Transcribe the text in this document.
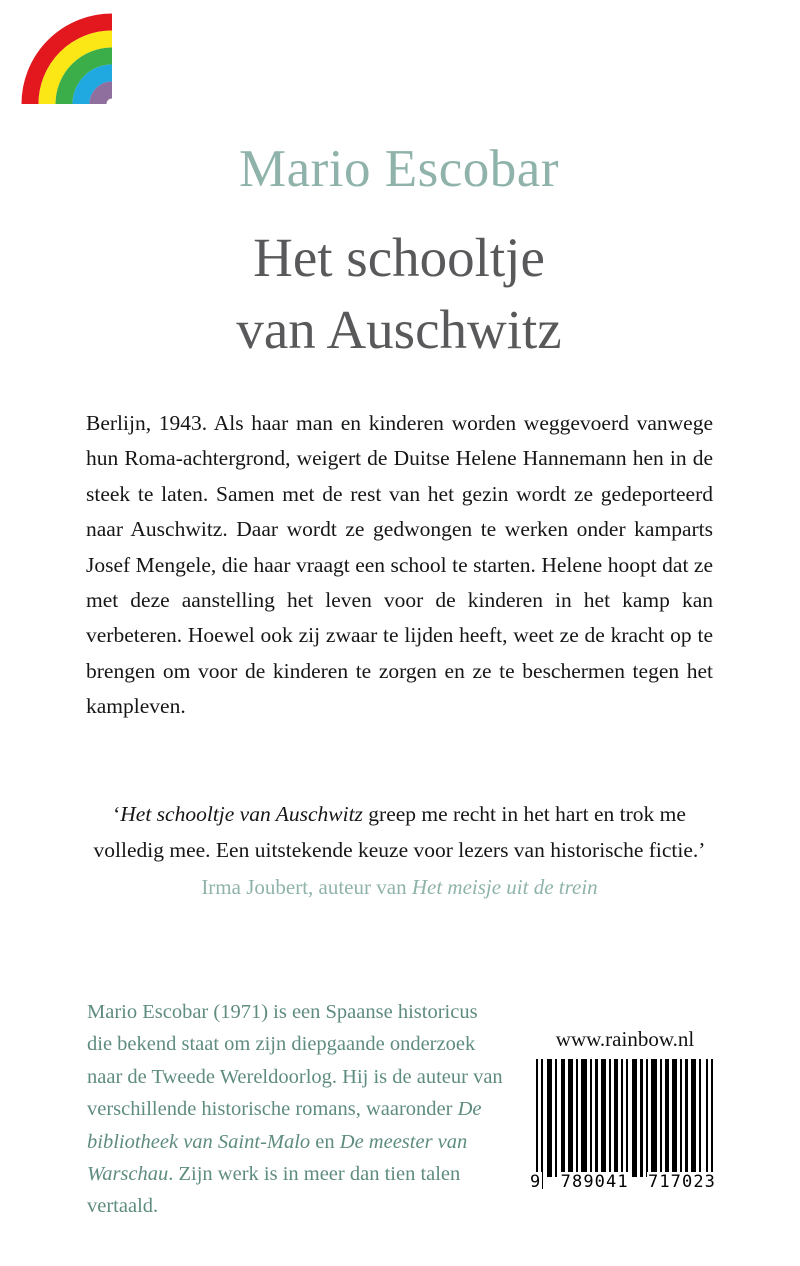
Mario Escobar
Het schooltje
van Auschwitz
Berlijn, 1943. Als haar man en kinderen worden weggevoerd vanwege hun Roma-achtergrond, weigert de Duitse Helene Hannemann hen in de steek te laten. Samen met de rest van het gezin wordt ze gedeporteerd naar Auschwitz. Daar wordt ze gedwongen te werken onder kamparts Josef Mengele, die haar vraagt een school te starten. Helene hoopt dat ze met deze aanstelling het leven voor de kinderen in het kamp kan verbeteren. Hoewel ook zij zwaar te lijden heeft, weet ze de kracht op te brengen om voor de kinderen te zorgen en ze te beschermen tegen het kampleven.
‘Het schooltje van Auschwitz greep me recht in het hart en trok me volledig mee. Een uitstekende keuze voor lezers van historische fictie.’
Irma Joubert, auteur van Het meisje uit de trein
Mario Escobar (1971) is een Spaanse historicus die bekend staat om zijn diepgaande onderzoek naar de Tweede Wereldoorlog. Hij is de auteur van verschillende historische romans, waaronder De bibliotheek van Saint-Malo en De meester van Warschau. Zijn werk is in meer dan tien talen vertaald.
www.rainbow.nl
9 789041 717023
